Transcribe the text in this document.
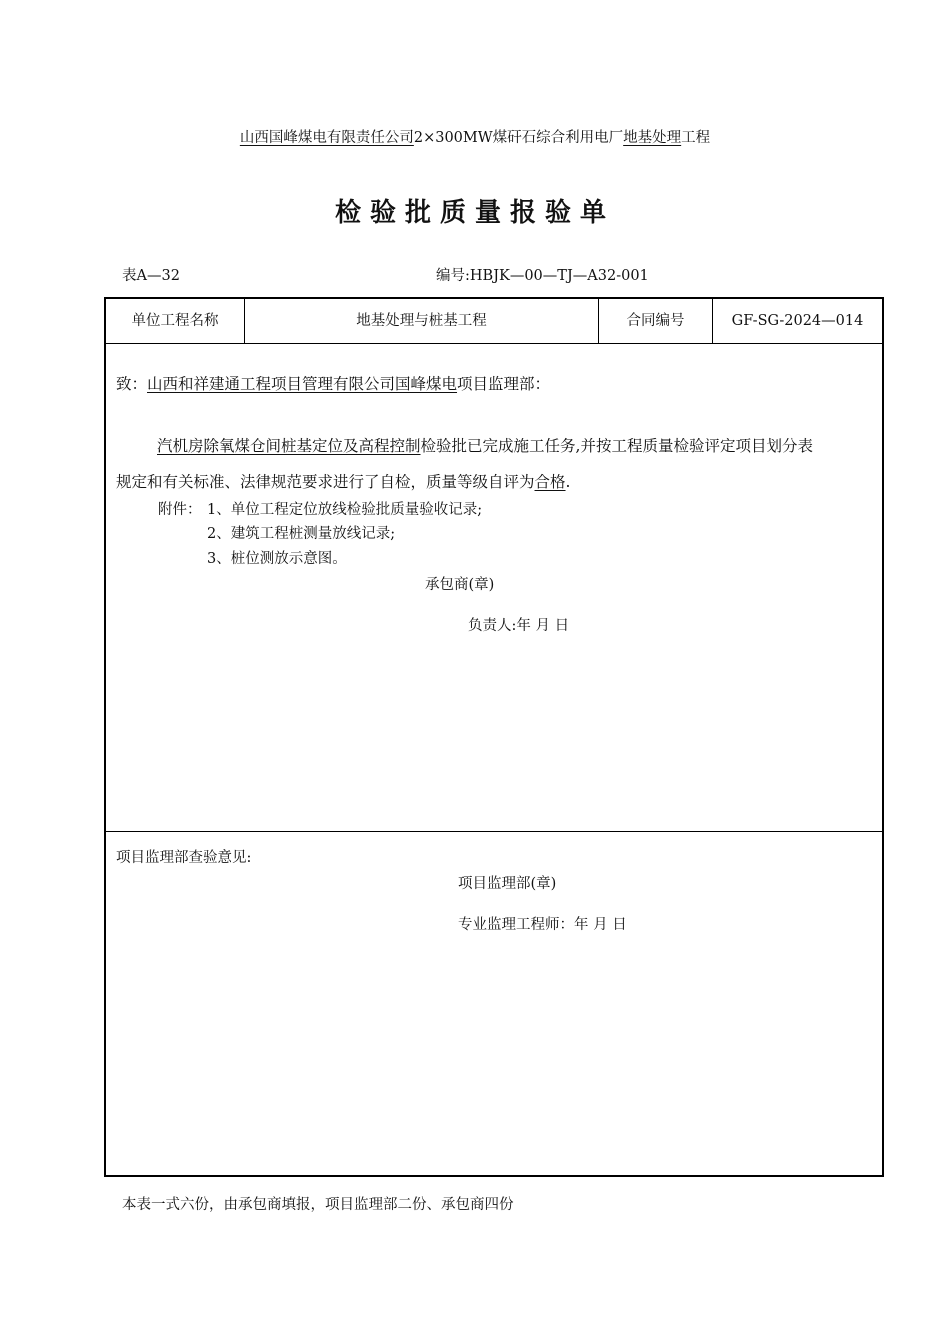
山西国峰煤电有限责任公司2×300MW煤矸石综合利用电厂地基处理工程
检验批质量报验单
表A—32	编号:HBJK—00—TJ—A32-001
单位工程名称	地基处理与桩基工程	合同编号	GF-SG-2024—014
致：山西和祥建通工程项目管理有限公司国峰煤电项目监理部：
汽机房除氧煤仓间桩基定位及高程控制检验批已完成施工任务,并按工程质量检验评定项目划分表
规定和有关标准、法律规范要求进行了自检，质量等级自评为合格.
附件： 1、单位工程定位放线检验批质量验收记录;
2、建筑工程桩测量放线记录;
3、桩位测放示意图。
承包商(章)
负责人:年 月 日
项目监理部查验意见:
项目监理部(章)
专业监理工程师：年 月 日
本表一式六份，由承包商填报，项目监理部二份、承包商四份
